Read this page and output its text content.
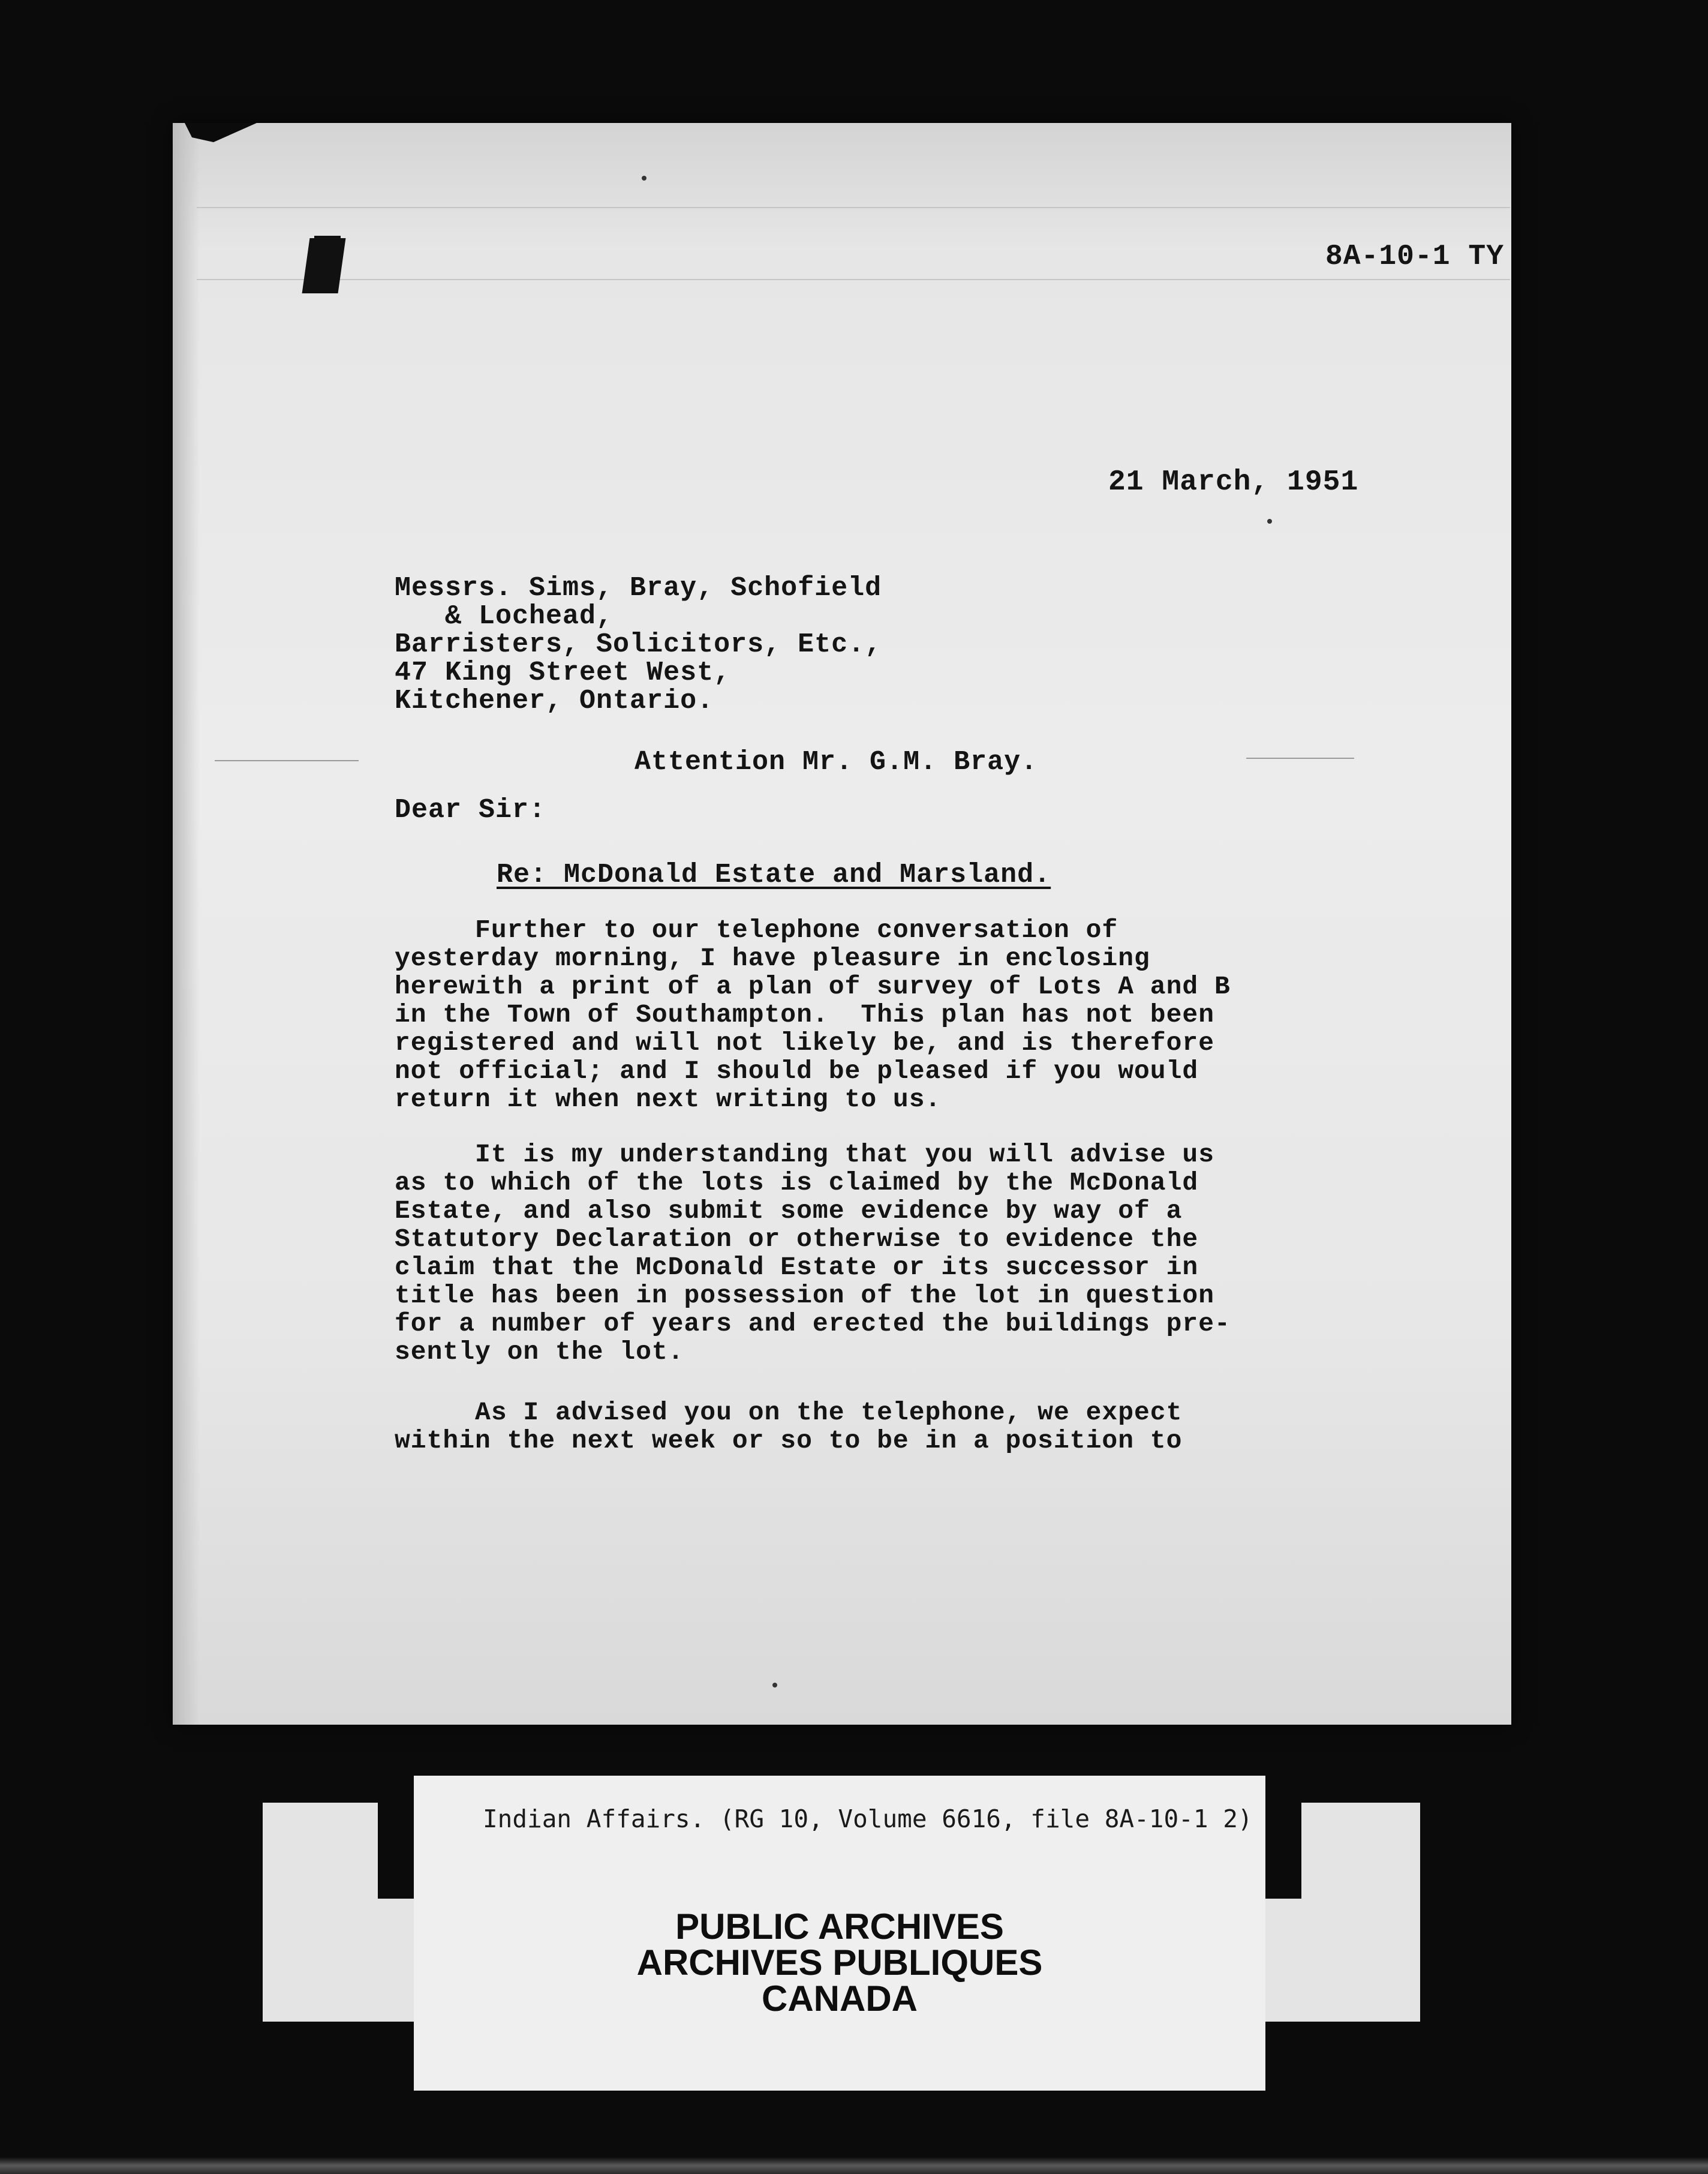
8A-10-1 TY
21 March, 1951
Messrs. Sims, Bray, Schofield
& Lochead,
Barristers, Solicitors, Etc.,
47 King Street West,
Kitchener, Ontario.
Attention Mr. G.M. Bray.
Dear Sir:
Re: McDonald Estate and Marsland.
Further to our telephone conversation of
yesterday morning, I have pleasure in enclosing
herewith a print of a plan of survey of Lots A and B
in the Town of Southampton.  This plan has not been
registered and will not likely be, and is therefore
not official; and I should be pleased if you would
return it when next writing to us.
It is my understanding that you will advise us
as to which of the lots is claimed by the McDonald
Estate, and also submit some evidence by way of a
Statutory Declaration or otherwise to evidence the
claim that the McDonald Estate or its successor in
title has been in possession of the lot in question
for a number of years and erected the buildings pre-
sently on the lot.
As I advised you on the telephone, we expect
within the next week or so to be in a position to
Indian Affairs. (RG 10, Volume 6616, file 8A-10-1 2)
PUBLIC ARCHIVES
ARCHIVES PUBLIQUES
CANADA
